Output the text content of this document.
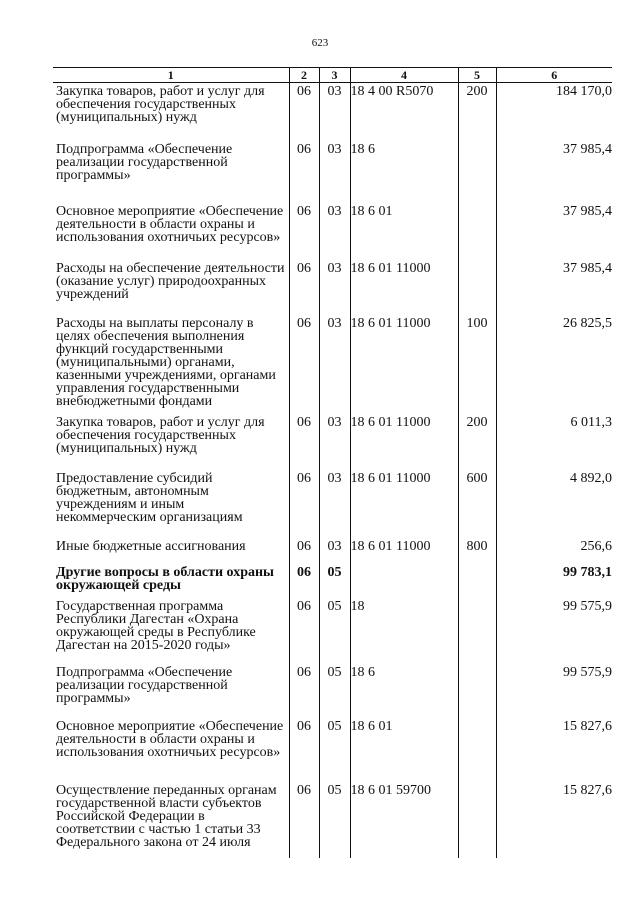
623
1	2	3	4	5	6
Закупка товаров, работ и услуг для обеспечения государственных (муниципальных) нужд	06	03	18 4 00 R5070	200	184 170,0
Подпрограмма «Обеспечение реализации государственной программы»	06	03	18 6		37 985,4
Основное мероприятие «Обеспечение деятельности в области охраны и использования охотничьих ресурсов»	06	03	18 6 01		37 985,4
Расходы на обеспечение деятельности (оказание услуг) природоохранных учреждений	06	03	18 6 01 11000		37 985,4
Расходы на выплаты персоналу в целях обеспечения выполнения функций государственными (муниципальными) органами, казенными учреждениями, органами управления государственными внебюджетными фондами	06	03	18 6 01 11000	100	26 825,5
Закупка товаров, работ и услуг для обеспечения государственных (муниципальных) нужд	06	03	18 6 01 11000	200	6 011,3
Предоставление субсидий бюджетным, автономным учреждениям и иным некоммерческим организациям	06	03	18 6 01 11000	600	4 892,0
Иные бюджетные ассигнования	06	03	18 6 01 11000	800	256,6
Другие вопросы в области охраны окружающей среды	06	05			99 783,1
Государственная программа Республики Дагестан «Охрана окружающей среды в Республике Дагестан на 2015-2020 годы»	06	05	18		99 575,9
Подпрограмма «Обеспечение реализации государственной программы»	06	05	18 6		99 575,9
Основное мероприятие «Обеспечение деятельности в области охраны и использования охотничьих ресурсов»	06	05	18 6 01		15 827,6
Осуществление переданных органам государственной власти субъектов Российской Федерации в соответствии с частью 1 статьи 33 Федерального закона от 24 июля	06	05	18 6 01 59700		15 827,6
